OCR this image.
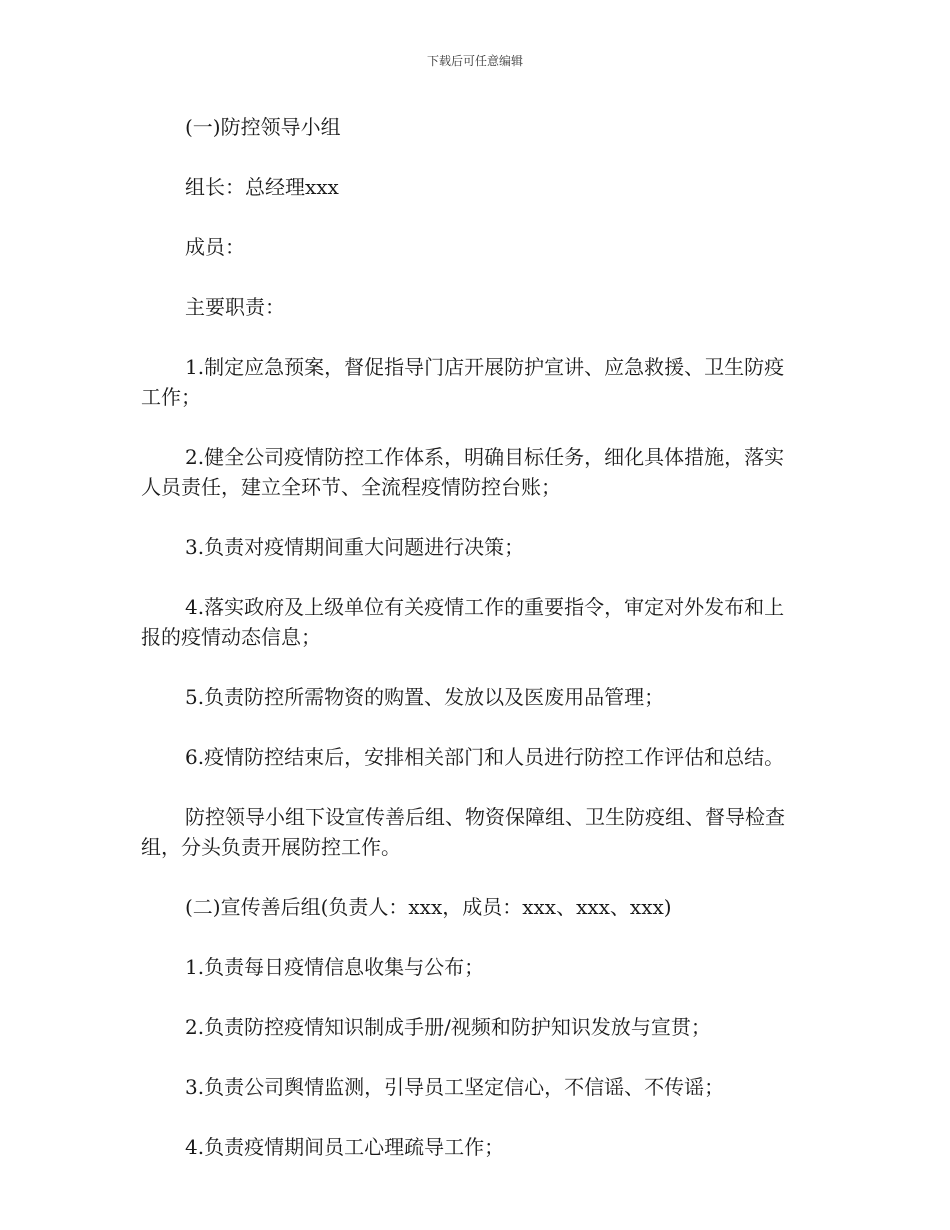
下载后可任意编辑

(一)防控领导小组

组长：总经理xxx

成员：

主要职责：

1.制定应急预案，督促指导门店开展防护宣讲、应急救援、卫生防疫工作；

2.健全公司疫情防控工作体系，明确目标任务，细化具体措施，落实人员责任，建立全环节、全流程疫情防控台账；

3.负责对疫情期间重大问题进行决策；

4.落实政府及上级单位有关疫情工作的重要指令，审定对外发布和上报的疫情动态信息；

5.负责防控所需物资的购置、发放以及医废用品管理；

6.疫情防控结束后，安排相关部门和人员进行防控工作评估和总结。

防控领导小组下设宣传善后组、物资保障组、卫生防疫组、督导检查组，分头负责开展防控工作。

(二)宣传善后组(负责人：xxx，成员：xxx、xxx、xxx)

1.负责每日疫情信息收集与公布；

2.负责防控疫情知识制成手册/视频和防护知识发放与宣贯；

3.负责公司舆情监测，引导员工坚定信心，不信谣、不传谣；

4.负责疫情期间员工心理疏导工作；
